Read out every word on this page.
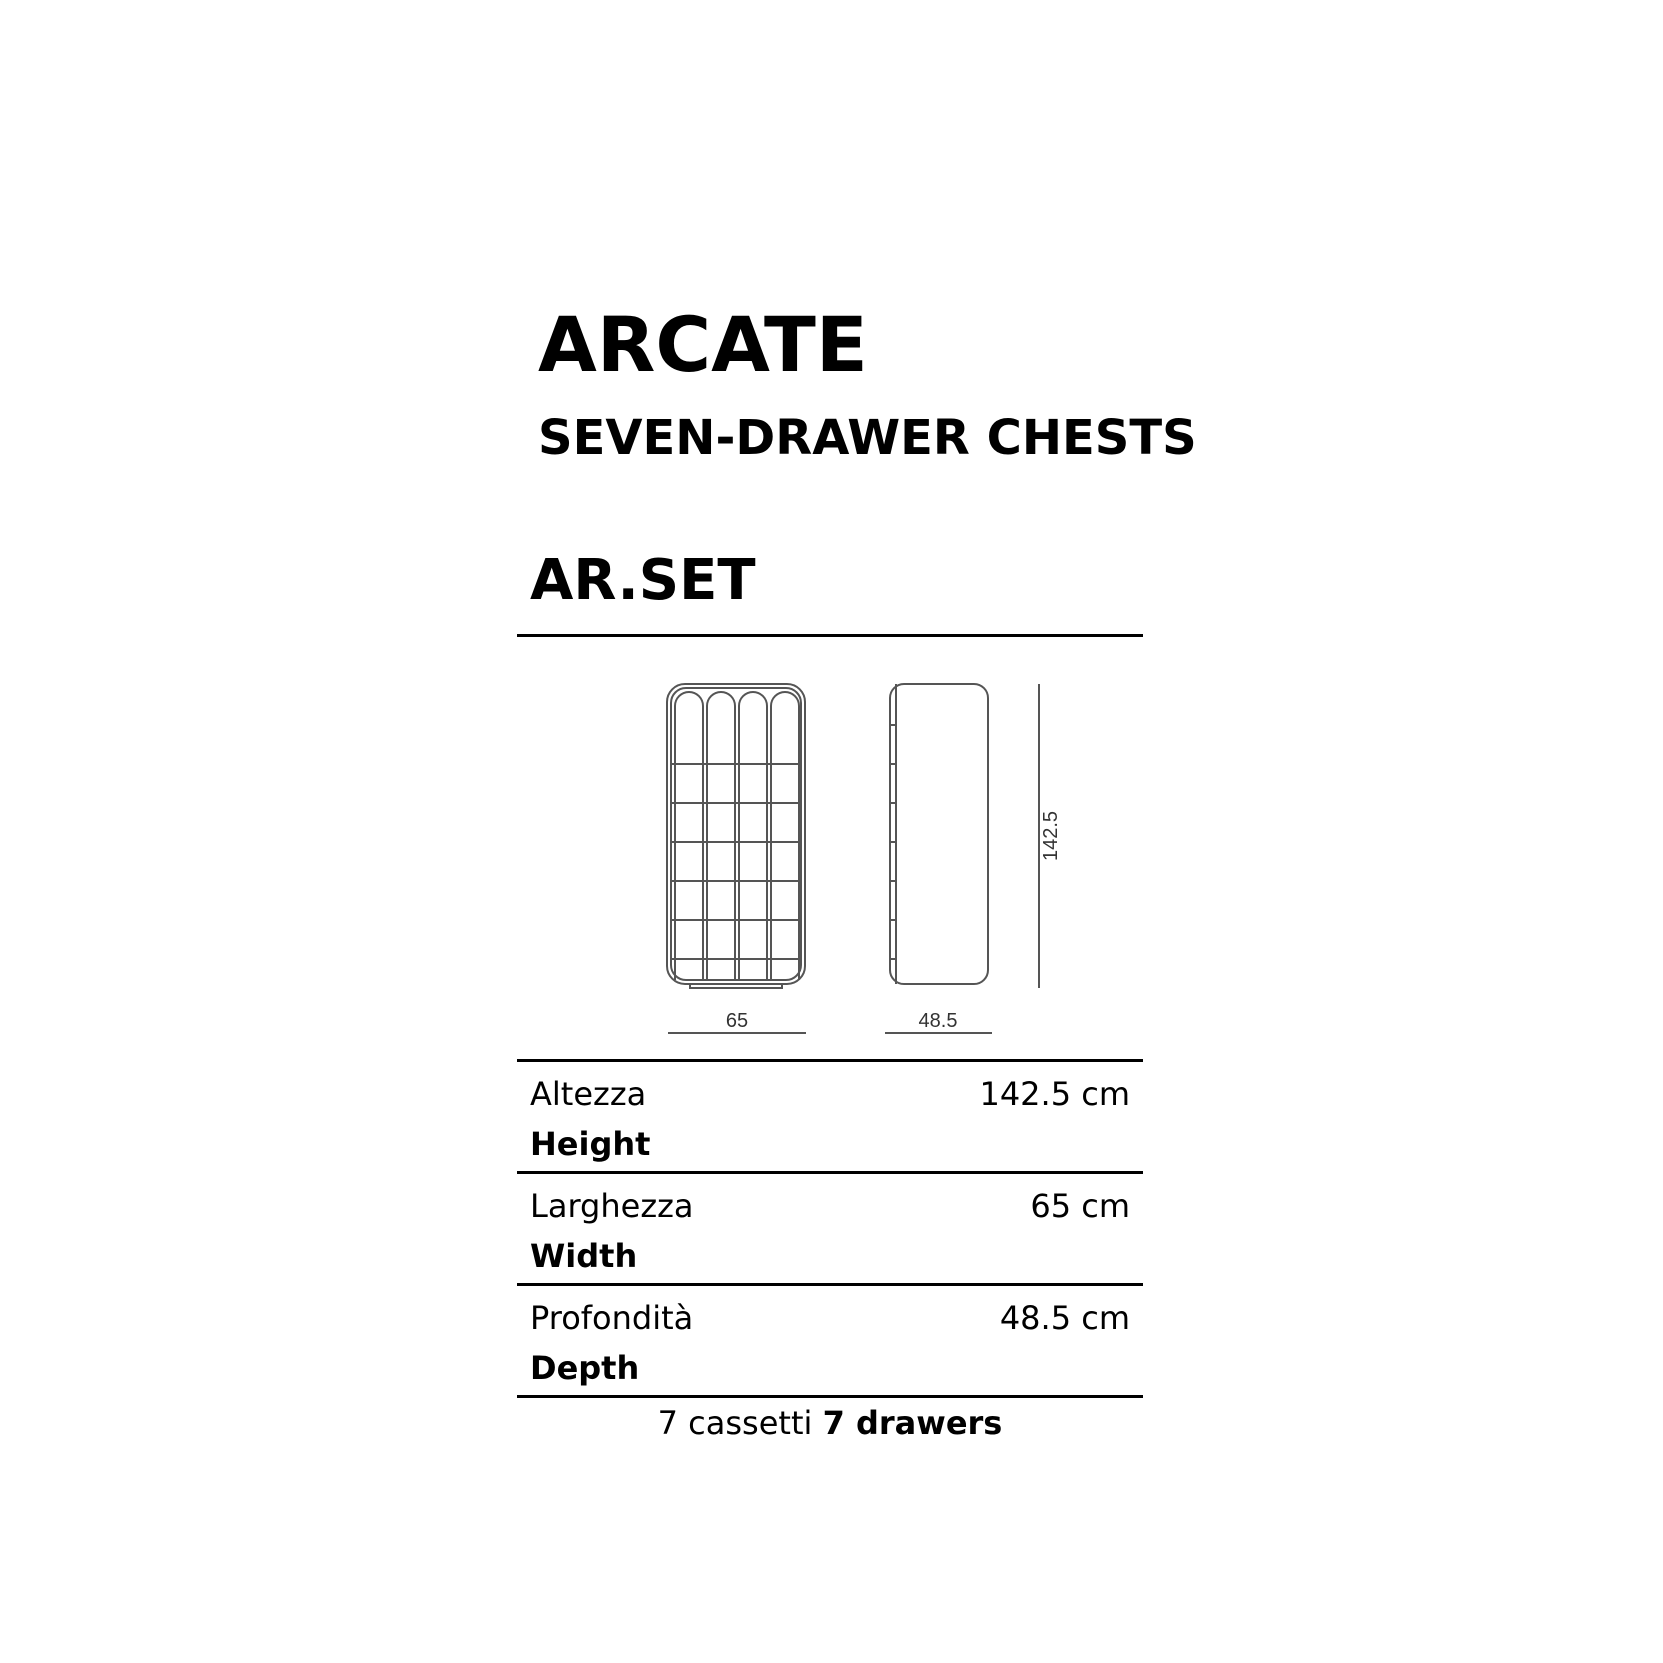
ARCATE
SEVEN-DRAWER CHESTS
AR.SET
65	48.5
142.5
Altezza
Height
142.5 cm
Larghezza
Width
65 cm
Profondità
Depth
48.5 cm
7 cassetti 7 drawers
